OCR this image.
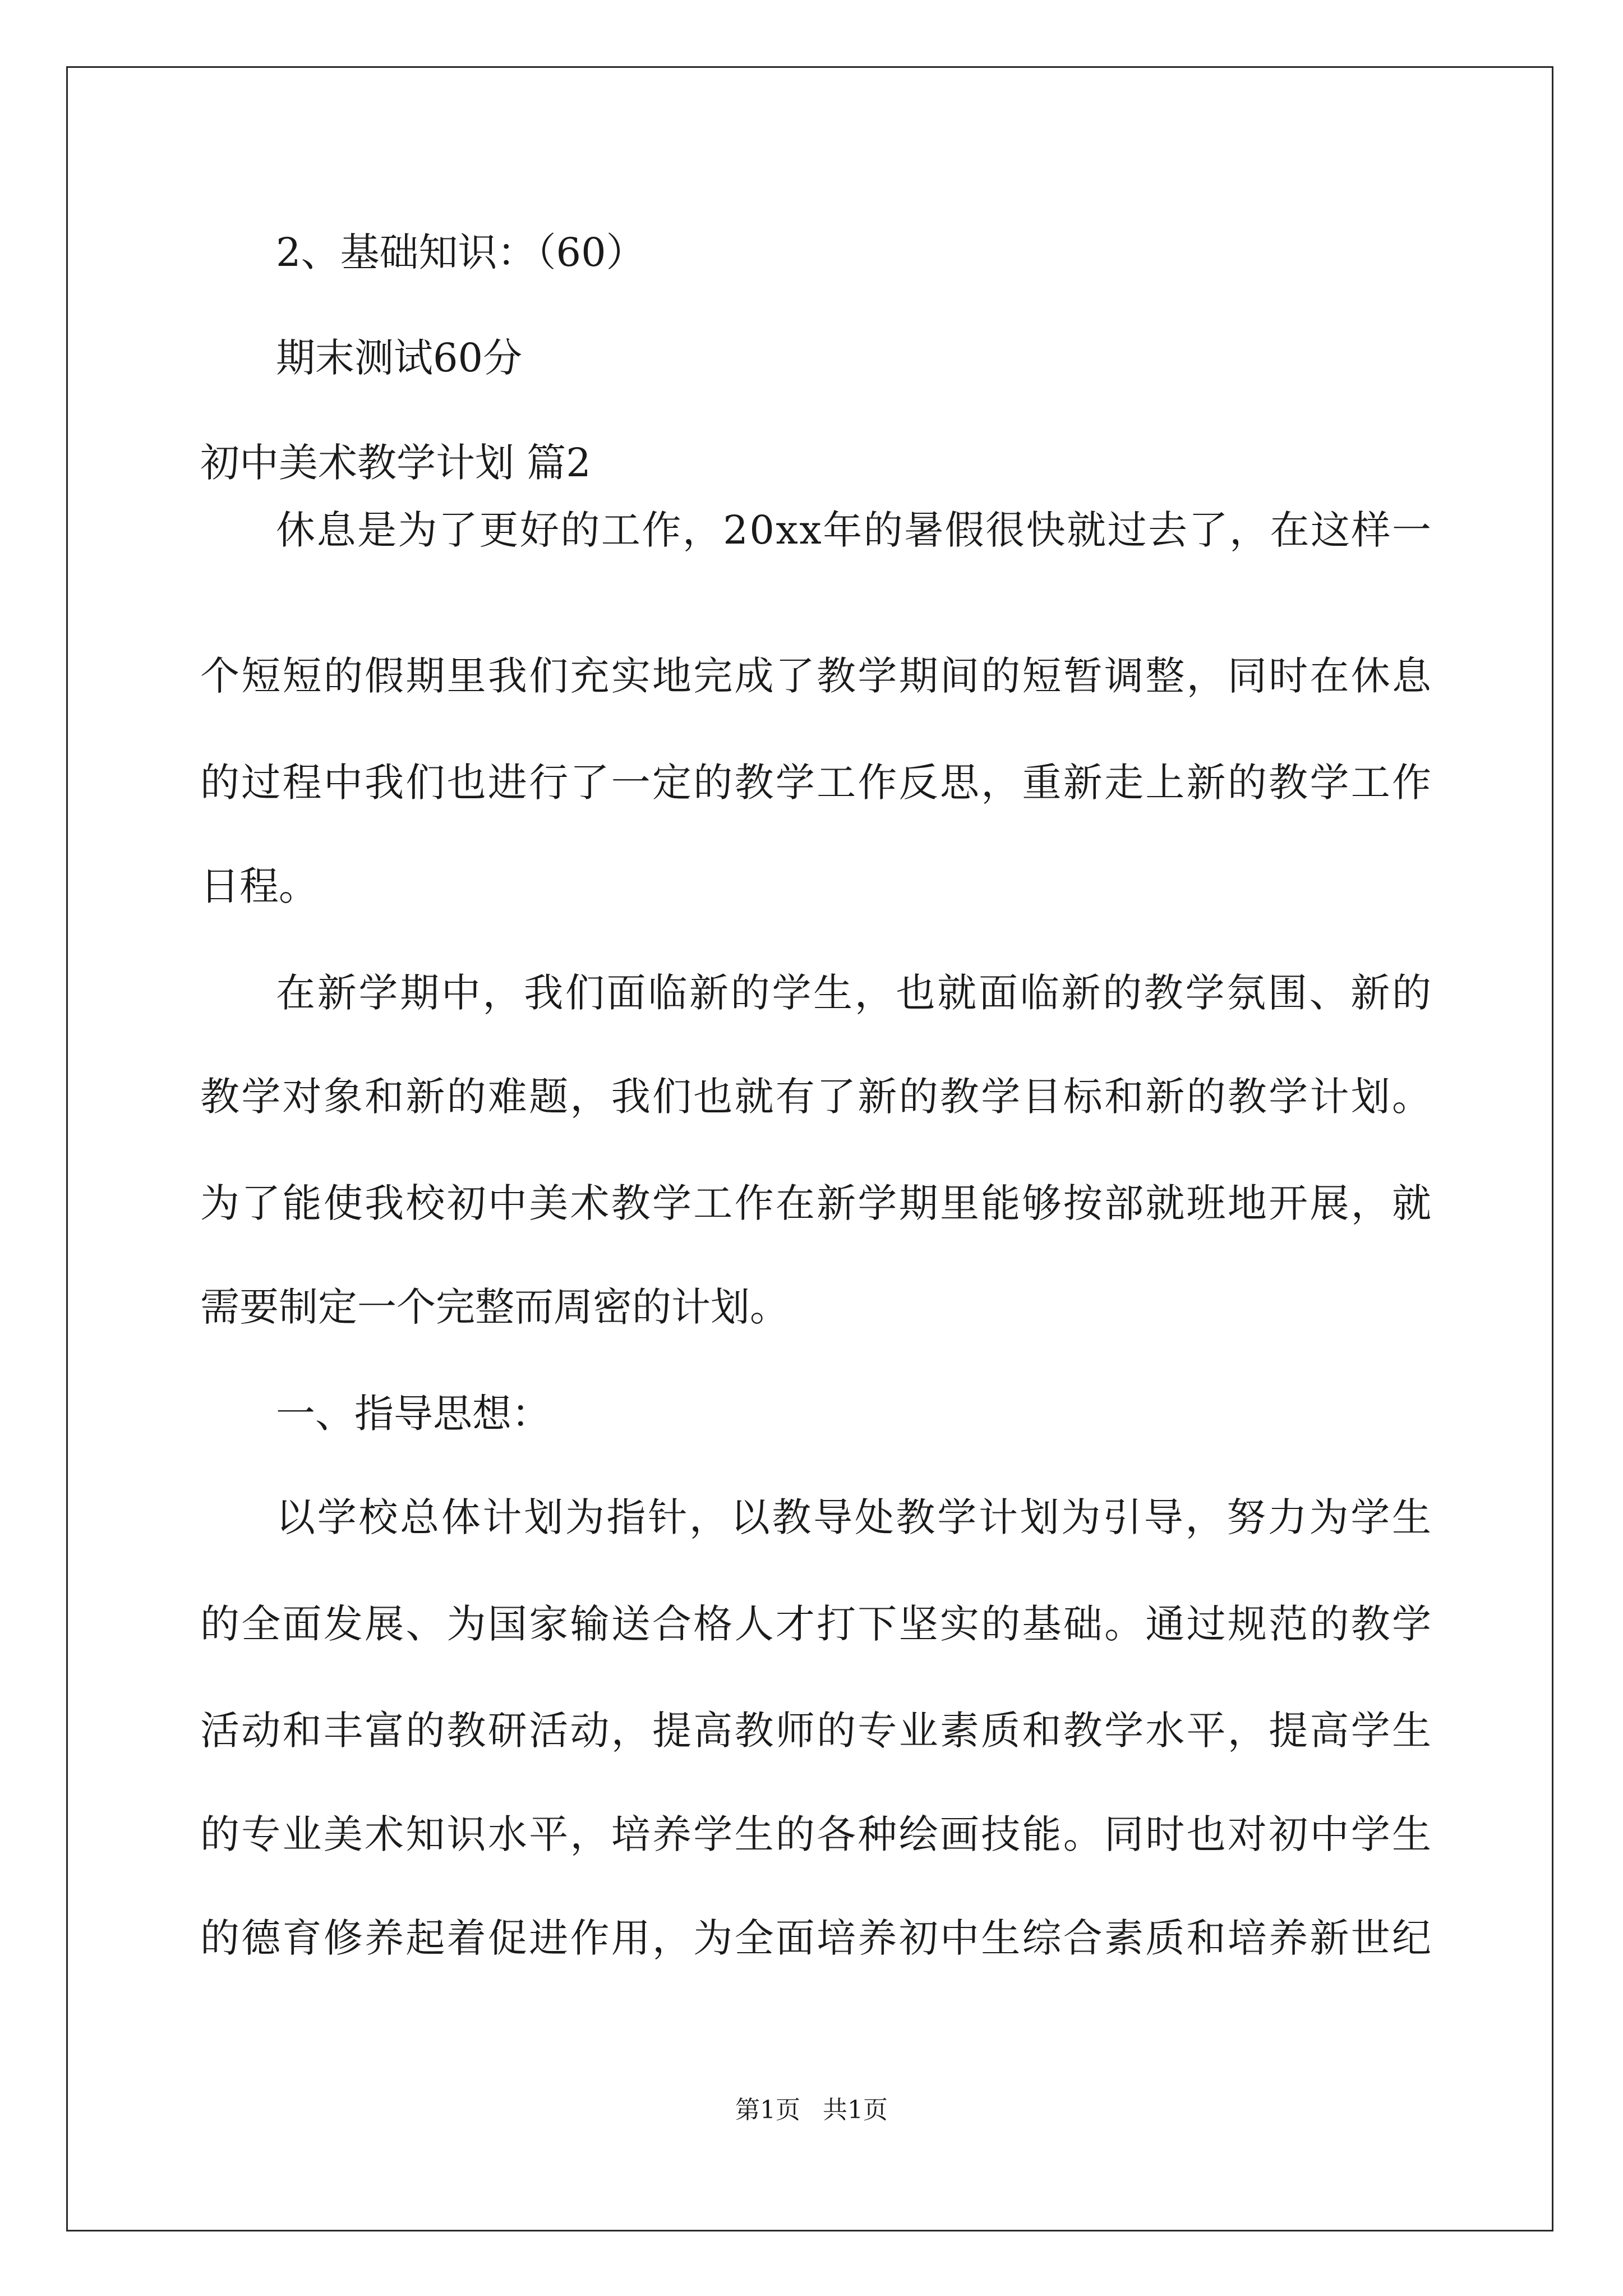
2、基础知识：（60）
期末测试60分
初中美术教学计划 篇2
休息是为了更好的工作，20xx年的暑假很快就过去了，在这样一
个短短的假期里我们充实地完成了教学期间的短暂调整，同时在休息
的过程中我们也进行了一定的教学工作反思，重新走上新的教学工作
日程。
在新学期中，我们面临新的学生，也就面临新的教学氛围、新的
教学对象和新的难题，我们也就有了新的教学目标和新的教学计划。
为了能使我校初中美术教学工作在新学期里能够按部就班地开展，就
需要制定一个完整而周密的计划。
一、指导思想：
以学校总体计划为指针，以教导处教学计划为引导，努力为学生
的全面发展、为国家输送合格人才打下坚实的基础。通过规范的教学
活动和丰富的教研活动，提高教师的专业素质和教学水平，提高学生
的专业美术知识水平，培养学生的各种绘画技能。同时也对初中学生
的德育修养起着促进作用，为全面培养初中生综合素质和培养新世纪
第1页 共1页
